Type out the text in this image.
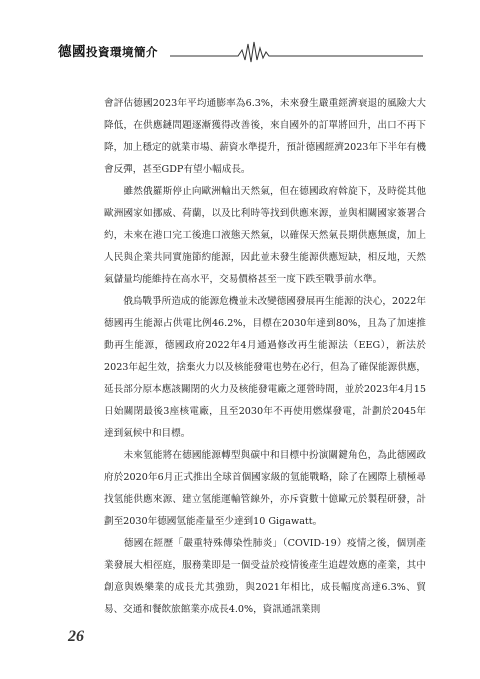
德國投資環境簡介

會評估德國2023年平均通膨率為6.3%，未來發生嚴重經濟衰退的風險大大降低，在供應鏈問題逐漸獲得改善後，來自國外的訂單將回升，出口不再下降，加上穩定的就業市場、薪資水準提升，預計德國經濟2023年下半年有機會反彈，甚至GDP有望小幅成長。

　　雖然俄羅斯停止向歐洲輸出天然氣，但在德國政府斡旋下，及時從其他歐洲國家如挪威、荷蘭，以及比利時等找到供應來源，並與相關國家簽署合約，未來在港口完工後進口液態天然氣，以確保天然氣長期供應無虞，加上人民與企業共同實施節約能源，因此並未發生能源供應短缺，相反地，天然氣儲量均能維持在高水平，交易價格甚至一度下跌至戰爭前水準。

　　俄烏戰爭所造成的能源危機並未改變德國發展再生能源的決心，2022年德國再生能源占供電比例46.2%，目標在2030年達到80%，且為了加速推動再生能源，德國政府2022年4月通過修改再生能源法（EEG），新法於2023年起生效，捨棄火力以及核能發電也勢在必行，但為了確保能源供應，延長部分原本應該關閉的火力及核能發電廠之運營時間，並於2023年4月15日始關閉最後3座核電廠，且至2030年不再使用燃煤發電，計劃於2045年達到氣候中和目標。

　　未來氫能將在德國能源轉型與碳中和目標中扮演關鍵角色，為此德國政府於2020年6月正式推出全球首個國家級的氫能戰略，除了在國際上積極尋找氫能供應來源、建立氫能運輸管線外，亦斥資數十億歐元於製程研發，計劃至2030年德國氫能產量至少達到10 Gigawatt。

　　德國在經歷「嚴重特殊傳染性肺炎」（COVID-19）疫情之後，個別產業發展大相徑庭，服務業即是一個受益於疫情後產生追趕效應的產業，其中創意與娛樂業的成長尤其強勁，與2021年相比，成長幅度高達6.3%、貿易、交通和餐飲旅館業亦成長4.0%，資訊通訊業則

26
